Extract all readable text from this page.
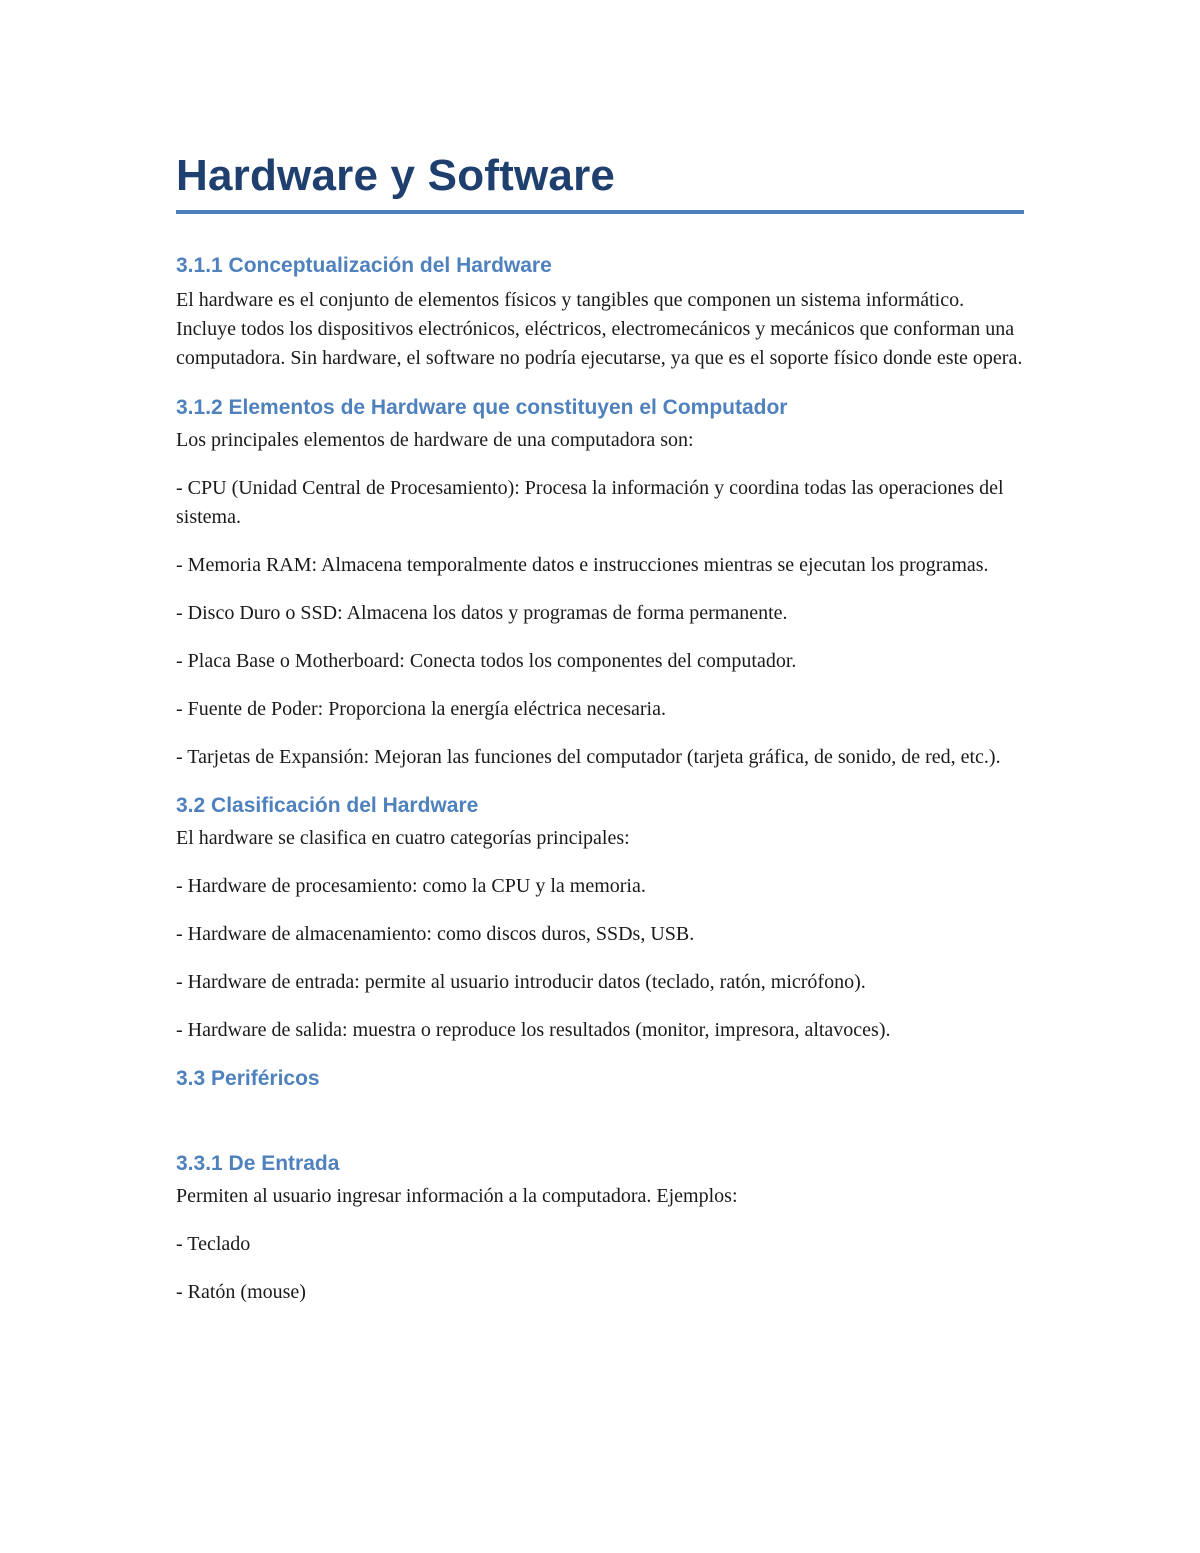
Hardware y Software
3.1.1 Conceptualización del Hardware

El hardware es el conjunto de elementos físicos y tangibles que componen un sistema informático. Incluye todos los dispositivos electrónicos, eléctricos, electromecánicos y mecánicos que conforman una computadora. Sin hardware, el software no podría ejecutarse, ya que es el soporte físico donde este opera.

3.1.2 Elementos de Hardware que constituyen el Computador

Los principales elementos de hardware de una computadora son:

- CPU (Unidad Central de Procesamiento): Procesa la información y coordina todas las operaciones del sistema.

- Memoria RAM: Almacena temporalmente datos e instrucciones mientras se ejecutan los programas.

- Disco Duro o SSD: Almacena los datos y programas de forma permanente.

- Placa Base o Motherboard: Conecta todos los componentes del computador.

- Fuente de Poder: Proporciona la energía eléctrica necesaria.

- Tarjetas de Expansión: Mejoran las funciones del computador (tarjeta gráfica, de sonido, de red, etc.).

3.2 Clasificación del Hardware

El hardware se clasifica en cuatro categorías principales:

- Hardware de procesamiento: como la CPU y la memoria.

- Hardware de almacenamiento: como discos duros, SSDs, USB.

- Hardware de entrada: permite al usuario introducir datos (teclado, ratón, micrófono).

- Hardware de salida: muestra o reproduce los resultados (monitor, impresora, altavoces).

3.3 Periféricos
3.3.1 De Entrada

Permiten al usuario ingresar información a la computadora. Ejemplos:

- Teclado

- Ratón (mouse)
